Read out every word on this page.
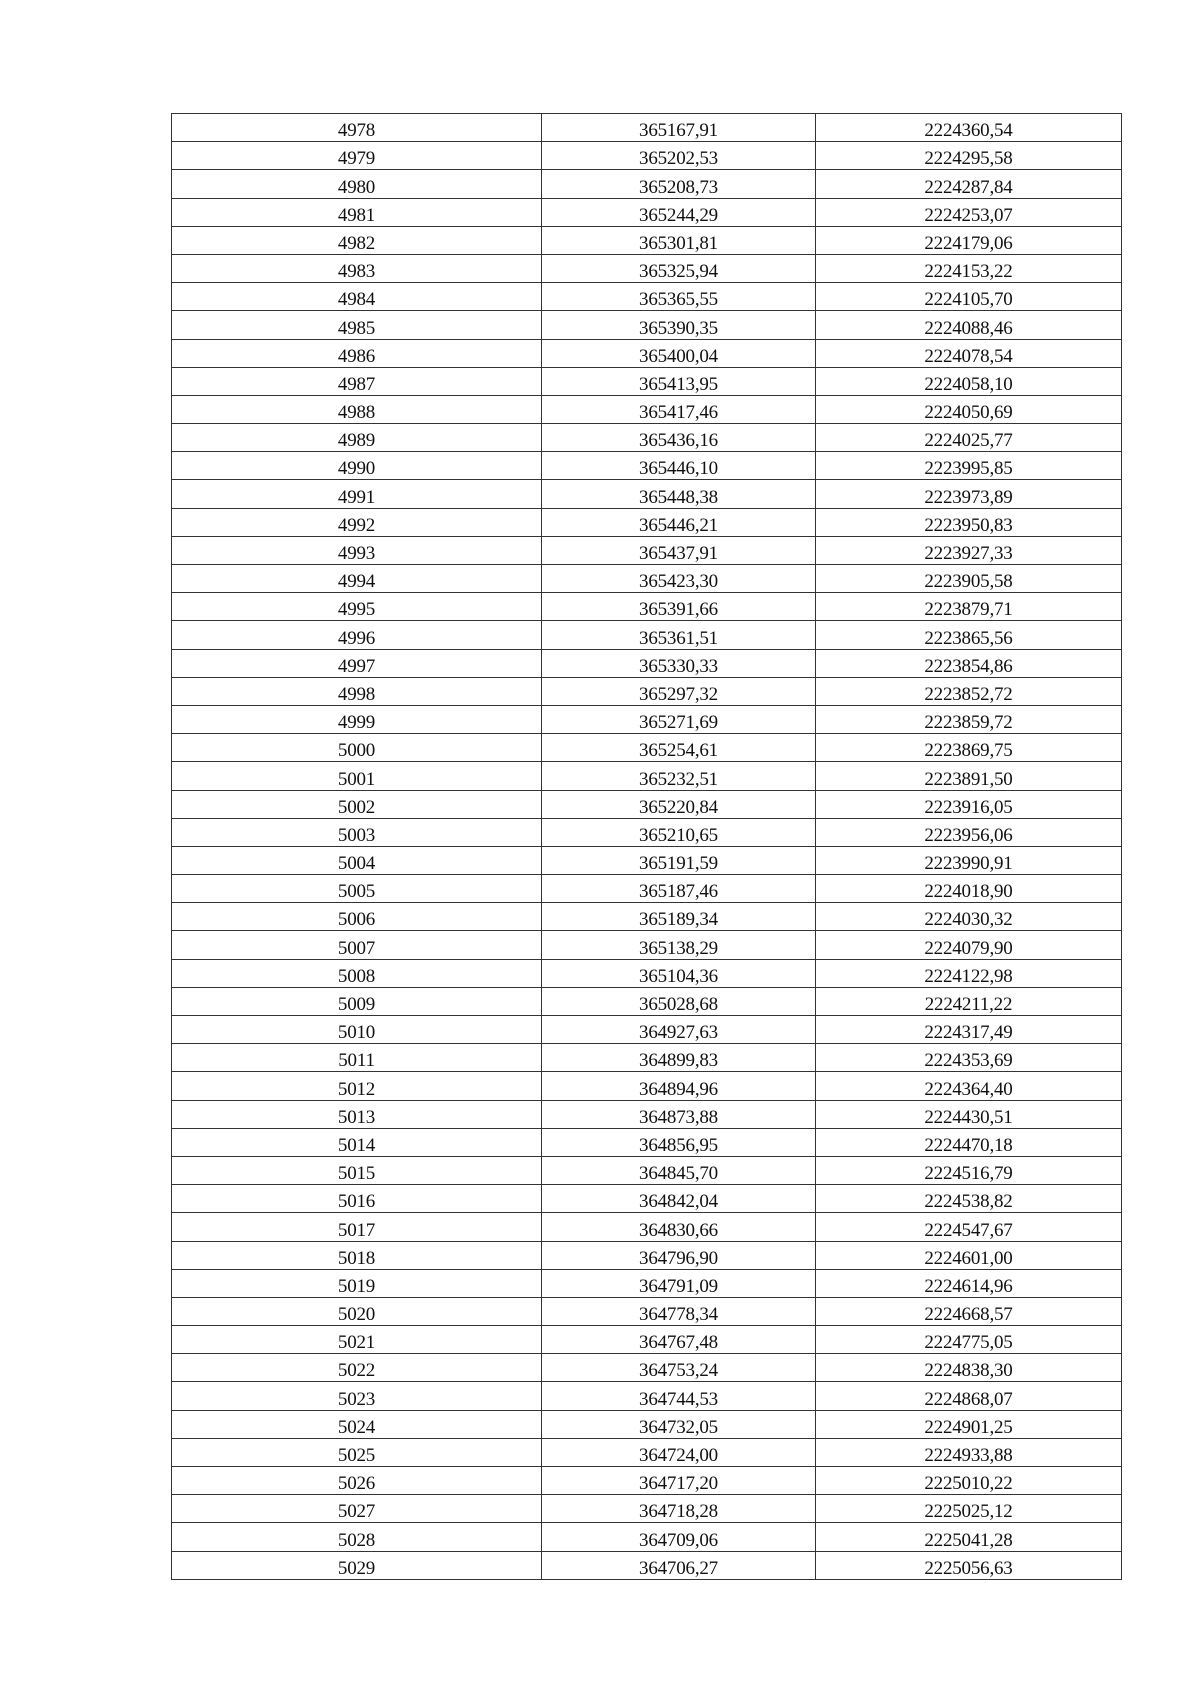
4978	365167,91	2224360,54
4979	365202,53	2224295,58
4980	365208,73	2224287,84
4981	365244,29	2224253,07
4982	365301,81	2224179,06
4983	365325,94	2224153,22
4984	365365,55	2224105,70
4985	365390,35	2224088,46
4986	365400,04	2224078,54
4987	365413,95	2224058,10
4988	365417,46	2224050,69
4989	365436,16	2224025,77
4990	365446,10	2223995,85
4991	365448,38	2223973,89
4992	365446,21	2223950,83
4993	365437,91	2223927,33
4994	365423,30	2223905,58
4995	365391,66	2223879,71
4996	365361,51	2223865,56
4997	365330,33	2223854,86
4998	365297,32	2223852,72
4999	365271,69	2223859,72
5000	365254,61	2223869,75
5001	365232,51	2223891,50
5002	365220,84	2223916,05
5003	365210,65	2223956,06
5004	365191,59	2223990,91
5005	365187,46	2224018,90
5006	365189,34	2224030,32
5007	365138,29	2224079,90
5008	365104,36	2224122,98
5009	365028,68	2224211,22
5010	364927,63	2224317,49
5011	364899,83	2224353,69
5012	364894,96	2224364,40
5013	364873,88	2224430,51
5014	364856,95	2224470,18
5015	364845,70	2224516,79
5016	364842,04	2224538,82
5017	364830,66	2224547,67
5018	364796,90	2224601,00
5019	364791,09	2224614,96
5020	364778,34	2224668,57
5021	364767,48	2224775,05
5022	364753,24	2224838,30
5023	364744,53	2224868,07
5024	364732,05	2224901,25
5025	364724,00	2224933,88
5026	364717,20	2225010,22
5027	364718,28	2225025,12
5028	364709,06	2225041,28
5029	364706,27	2225056,63
